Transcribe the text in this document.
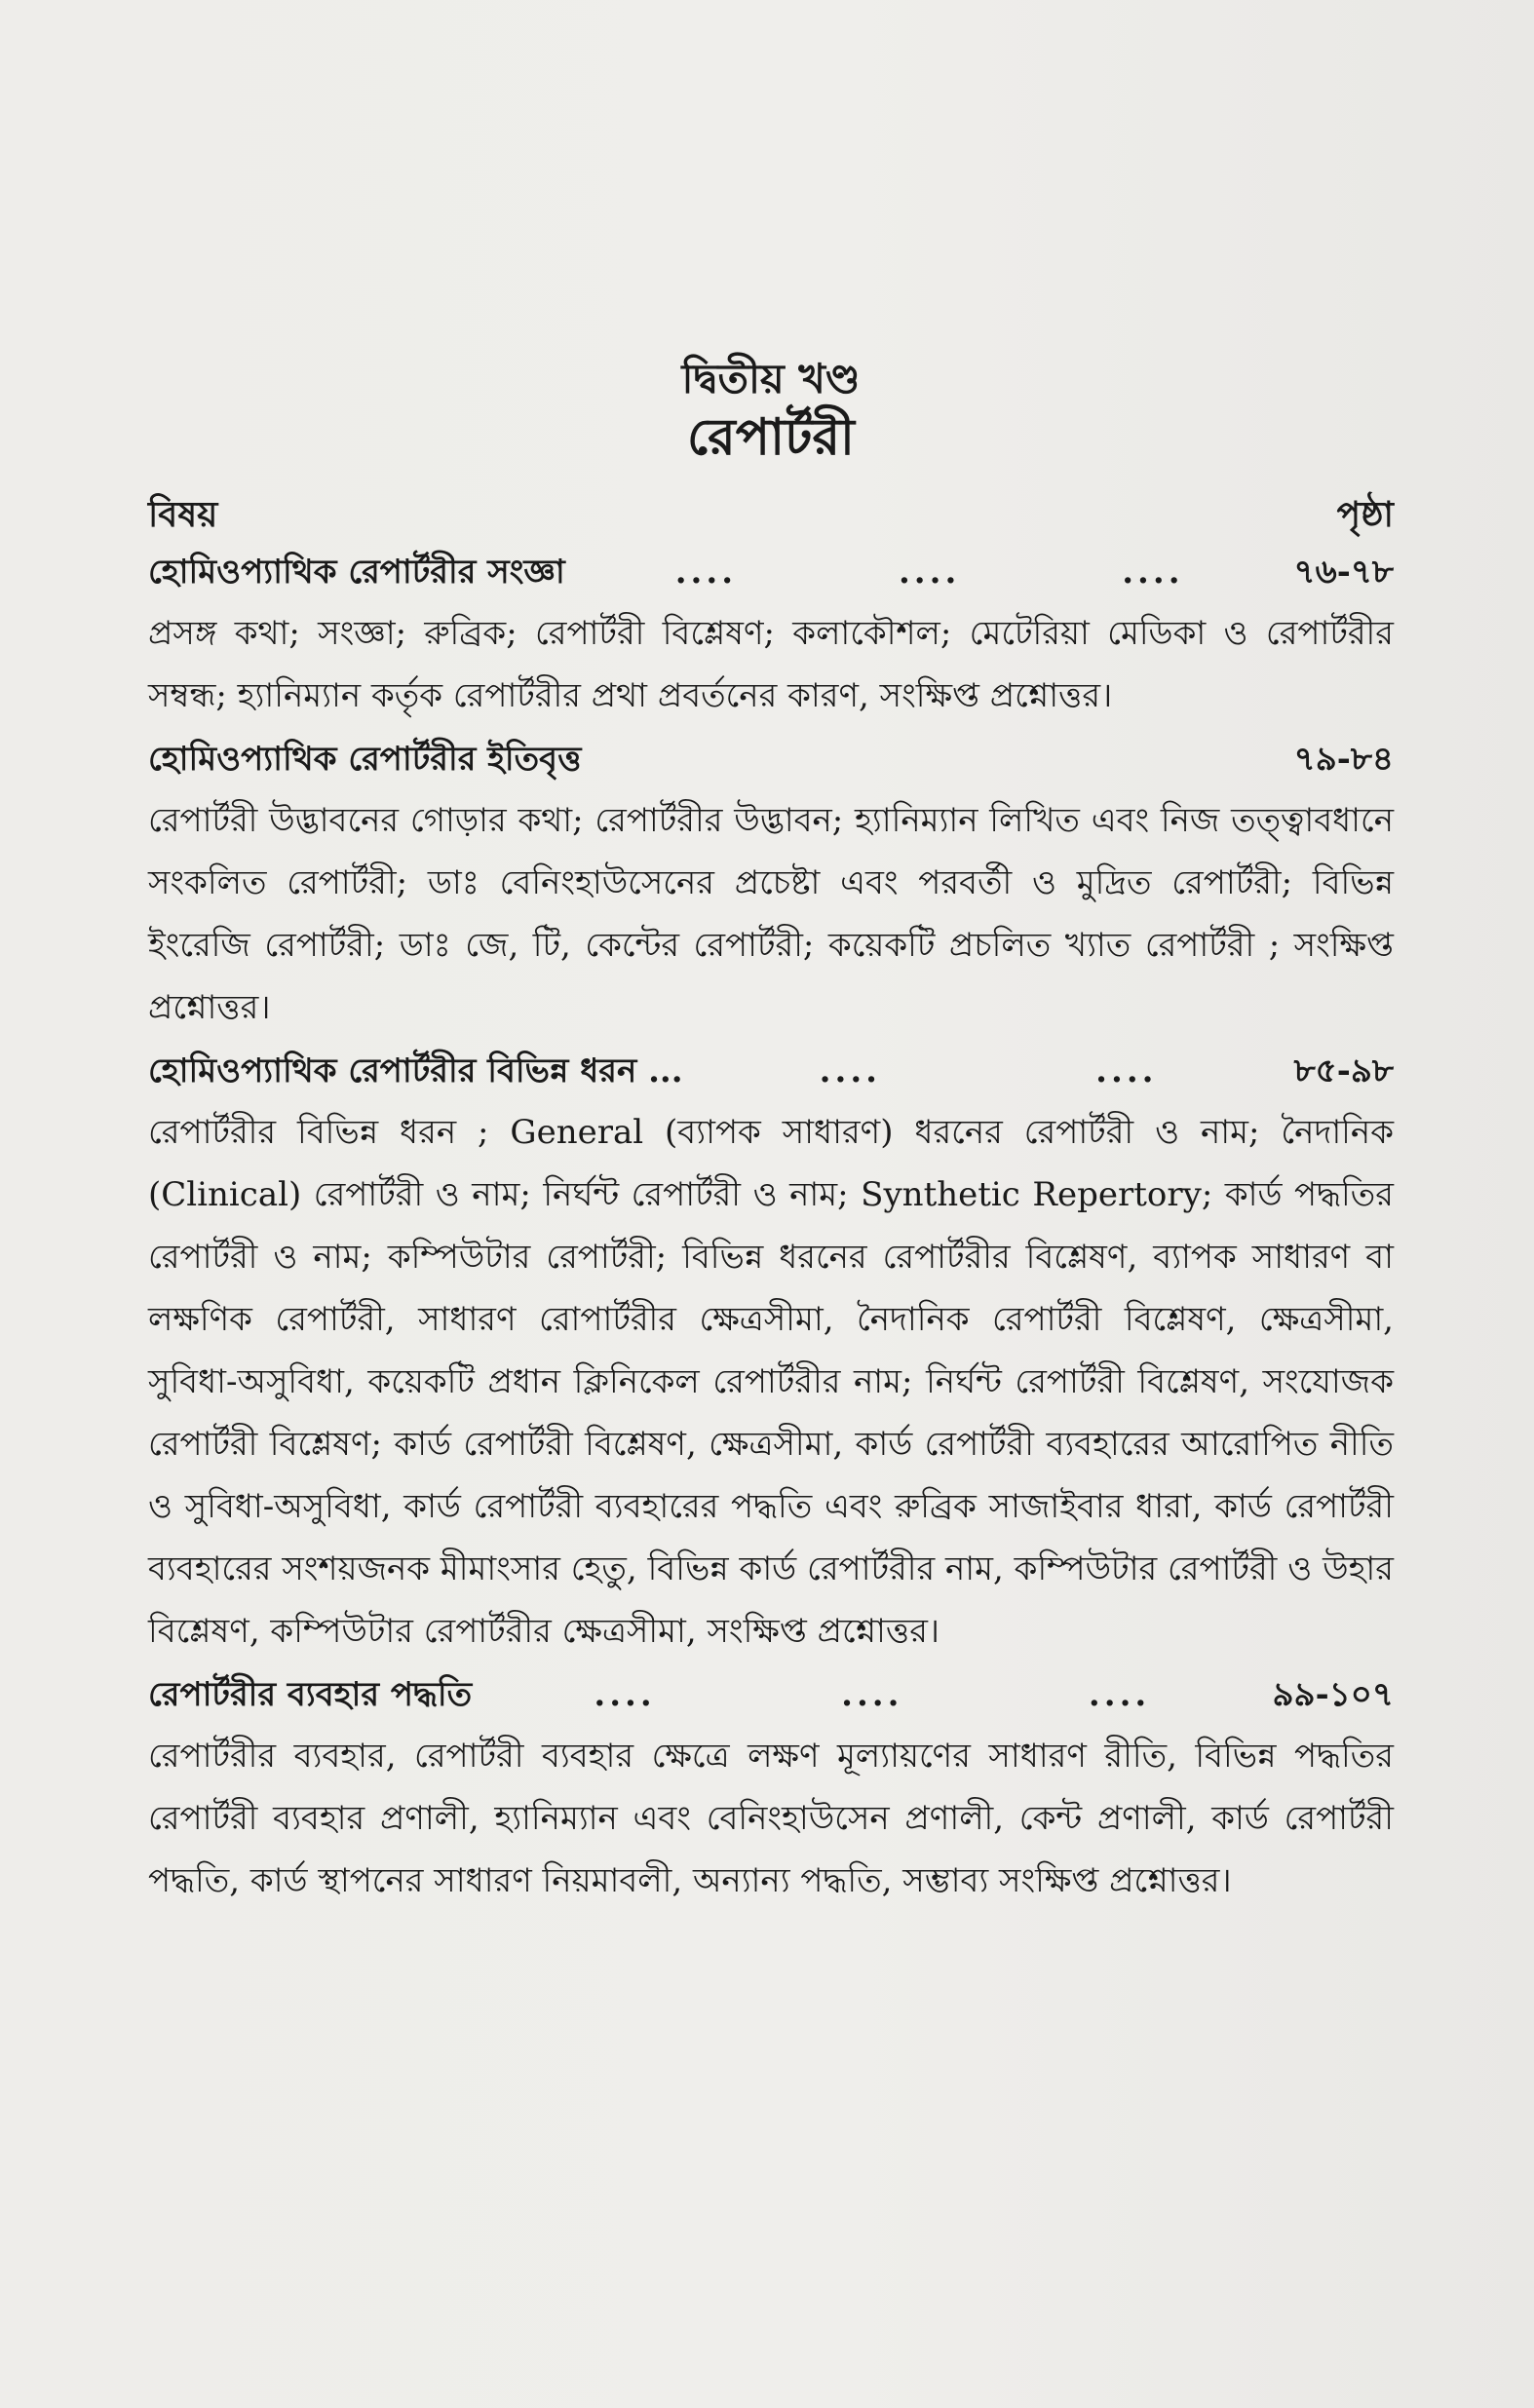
দ্বিতীয় খণ্ড
রেপার্টরী
বিষয়	পৃষ্ঠা
হোমিওপ্যাথিক রেপার্টরীর সংজ্ঞা	....	....	....	৭৬-৭৮

প্রসঙ্গ কথা; সংজ্ঞা; রুব্রিক; রেপার্টরী বিশ্লেষণ; কলাকৌশল; মেটেরিয়া মেডিকা ও রেপার্টরীর সম্বন্ধ; হ্যানিম্যান কর্তৃক রেপার্টরীর প্রথা প্রবর্তনের কারণ, সংক্ষিপ্ত প্রশ্নোত্তর।

হোমিওপ্যাথিক রেপার্টরীর ইতিবৃত্ত	৭৯-৮৪

রেপার্টরী উদ্ভাবনের গোড়ার কথা; রেপার্টরীর উদ্ভাবন; হ্যানিম্যান লিখিত এবং নিজ তত্ত্বাবধানে সংকলিত রেপার্টরী; ডাঃ বেনিংহাউসেনের প্রচেষ্টা এবং পরবর্তী ও মুদ্রিত রেপার্টরী; বিভিন্ন ইংরেজি রেপার্টরী; ডাঃ জে, টি, কেন্টের রেপার্টরী; কয়েকটি প্রচলিত খ্যাত রেপার্টরী ; সংক্ষিপ্ত প্রশ্নোত্তর।

হোমিওপ্যাথিক রেপার্টরীর বিভিন্ন ধরন ...	....	....	৮৫-৯৮

রেপার্টরীর বিভিন্ন ধরন ; General (ব্যাপক সাধারণ) ধরনের রেপার্টরী ও নাম; নৈদানিক (Clinical) রেপার্টরী ও নাম; নির্ঘন্ট রেপার্টরী ও নাম; Synthetic Repertory; কার্ড পদ্ধতির রেপার্টরী ও নাম; কম্পিউটার রেপার্টরী; বিভিন্ন ধরনের রেপার্টরীর বিশ্লেষণ, ব্যাপক সাধারণ বা লক্ষণিক রেপার্টরী, সাধারণ রোপার্টরীর ক্ষেত্রসীমা, নৈদানিক রেপার্টরী বিশ্লেষণ, ক্ষেত্রসীমা, সুবিধা-অসুবিধা, কয়েকটি প্রধান ক্লিনিকেল রেপার্টরীর নাম; নির্ঘন্ট রেপার্টরী বিশ্লেষণ, সংযোজক রেপার্টরী বিশ্লেষণ; কার্ড রেপার্টরী বিশ্লেষণ, ক্ষেত্রসীমা, কার্ড রেপার্টরী ব্যবহারের আরোপিত নীতি ও সুবিধা-অসুবিধা, কার্ড রেপার্টরী ব্যবহারের পদ্ধতি এবং রুব্রিক সাজাইবার ধারা, কার্ড রেপার্টরী ব্যবহারের সংশয়জনক মীমাংসার হেতু, বিভিন্ন কার্ড রেপার্টরীর নাম, কম্পিউটার রেপার্টরী ও উহার বিশ্লেষণ, কম্পিউটার রেপার্টরীর ক্ষেত্রসীমা, সংক্ষিপ্ত প্রশ্নোত্তর।

রেপার্টরীর ব্যবহার পদ্ধতি	....	....	....	৯৯-১০৭

রেপার্টরীর ব্যবহার, রেপার্টরী ব্যবহার ক্ষেত্রে লক্ষণ মূল্যায়ণের সাধারণ রীতি, বিভিন্ন পদ্ধতির রেপার্টরী ব্যবহার প্রণালী, হ্যানিম্যান এবং বেনিংহাউসেন প্রণালী, কেন্ট প্রণালী, কার্ড রেপার্টরী পদ্ধতি, কার্ড স্থাপনের সাধারণ নিয়মাবলী, অন্যান্য পদ্ধতি, সম্ভাব্য সংক্ষিপ্ত প্রশ্নোত্তর।
